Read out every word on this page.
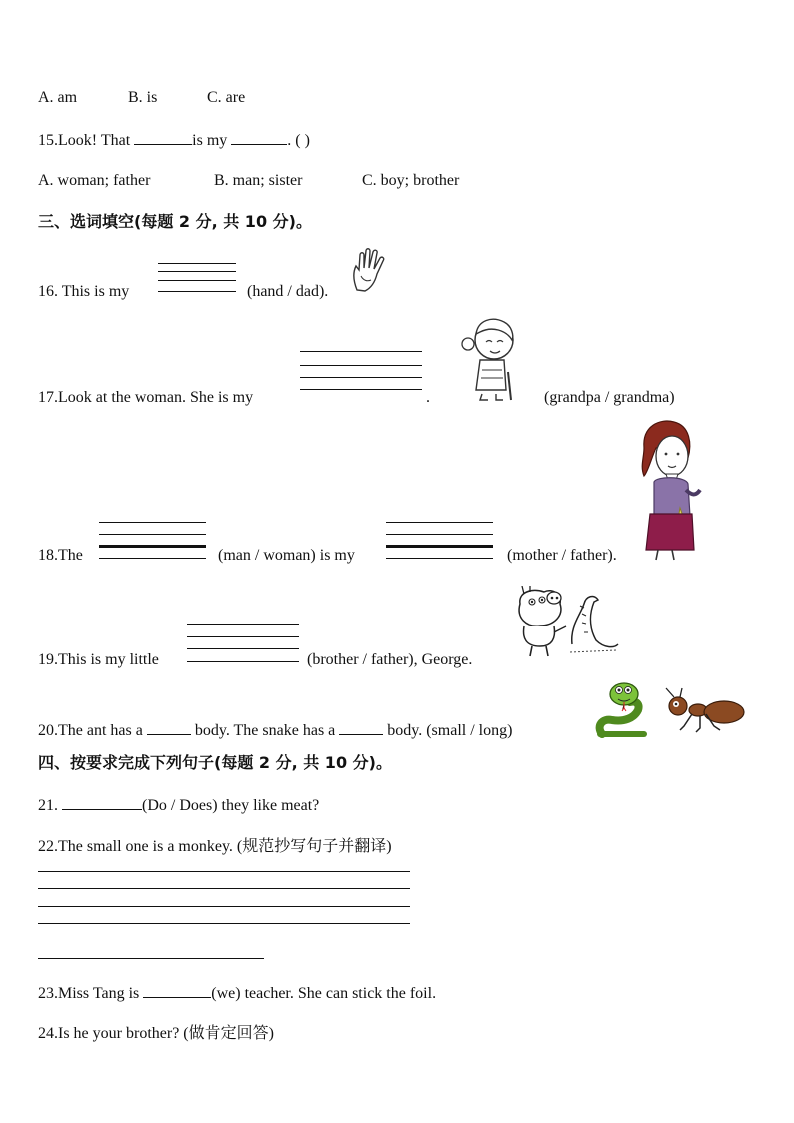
A. am	B. is	C. are
15.Look! That	is my	. ( )
A. woman; father	B. man; sister	C. boy; brother
三、选词填空(每题 2 分, 共 10 分)。
16. This is my	(hand / dad).
17.Look at the woman. She is my	.	(grandpa / grandma)
18.The	(man / woman) is my	(mother / father).
19.This is my little	(brother / father), George.
20.The ant has a	body. The snake has a	body. (small / long)
四、按要求完成下列句子(每题 2 分, 共 10 分)。
21.	(Do / Does) they like meat?
22.The small one is a monkey. (规范抄写句子并翻译)
23.Miss Tang is	(we) teacher. She can stick the foil.
24.Is he your brother? (做肯定回答)
